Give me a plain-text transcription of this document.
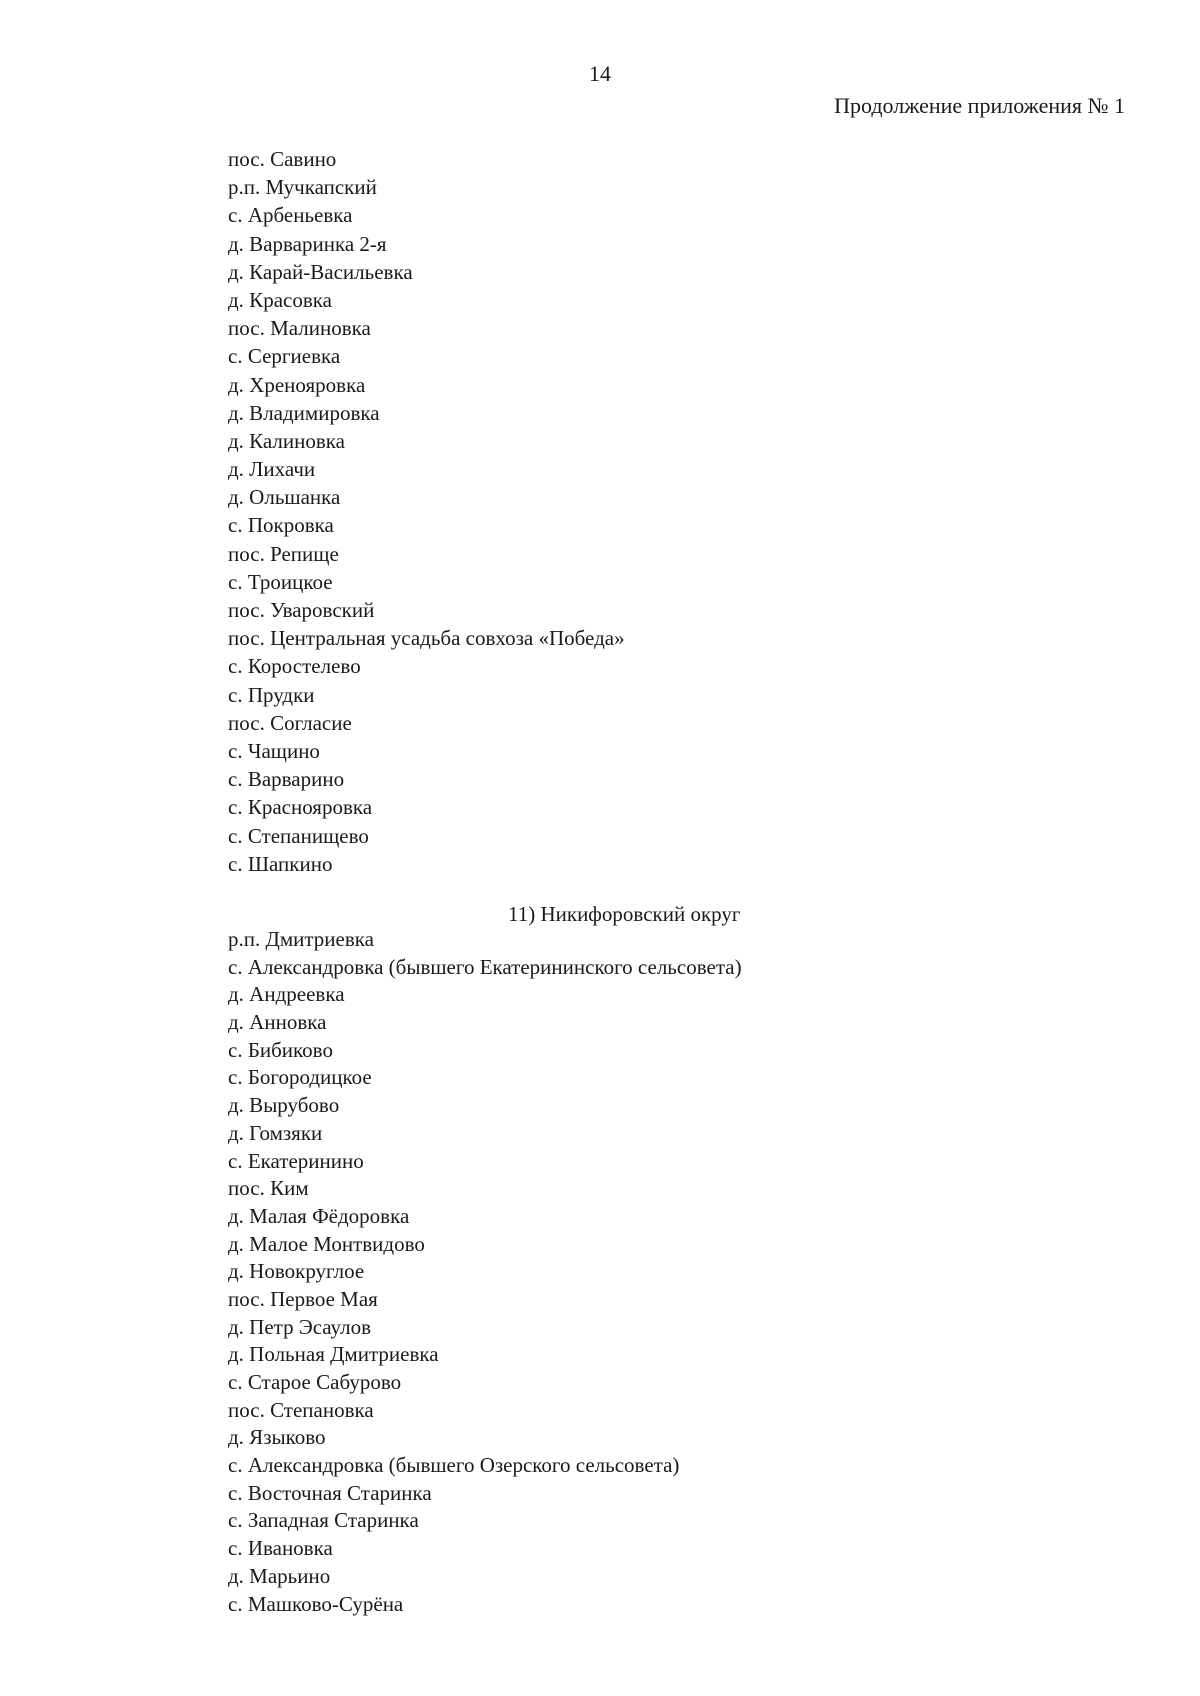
14
Продолжение приложения № 1
пос. Савино
р.п. Мучкапский
с. Арбеньевка
д. Варваринка 2-я
д. Карай-Васильевка
д. Красовка
пос. Малиновка
с. Сергиевка
д. Хренояровка
д. Владимировка
д. Калиновка
д. Лихачи
д. Ольшанка
с. Покровка
пос. Репище
с. Троицкое
пос. Уваровский
пос. Центральная усадьба совхоза «Победа»
с. Коростелево
с. Прудки
пос. Согласие
с. Чащино
с. Варварино
с. Краснояровка
с. Степанищево
с. Шапкино
11) Никифоровский округ
р.п. Дмитриевка
с. Александровка (бывшего Екатерининского сельсовета)
д. Андреевка
д. Анновка
с. Бибиково
с. Богородицкое
д. Вырубово
д. Гомзяки
с. Екатеринино
пос. Ким
д. Малая Фёдоровка
д. Малое Монтвидово
д. Новокруглое
пос. Первое Мая
д. Петр Эсаулов
д. Польная Дмитриевка
с. Старое Сабурово
пос. Степановка
д. Языково
с. Александровка (бывшего Озерского сельсовета)
с. Восточная Старинка
с. Западная Старинка
с. Ивановка
д. Марьино
с. Машково-Сурёна
